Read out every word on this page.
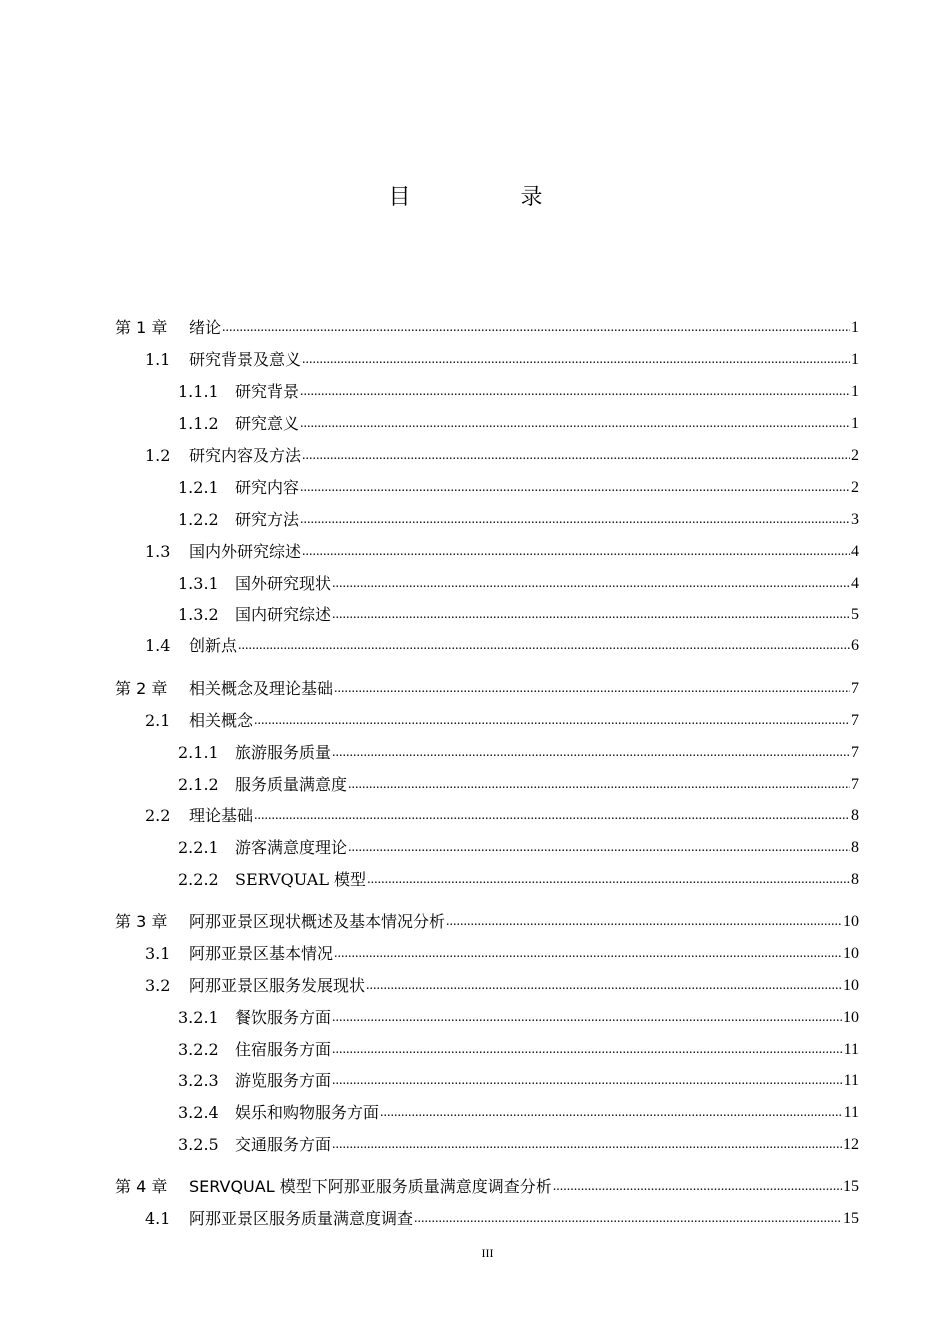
目　录
第 1 章	绪论 .....	1
1.1	研究背景及意义 .....	1
1.1.1	研究背景 .....	1
1.1.2	研究意义 .....	1
1.2	研究内容及方法 .....	2
1.2.1	研究内容 .....	2
1.2.2	研究方法 .....	3
1.3	国内外研究综述 .....	4
1.3.1	国外研究现状 .....	4
1.3.2	国内研究综述 .....	5
1.4	创新点 .....	6
第 2 章	相关概念及理论基础 .....	7
2.1	相关概念 .....	7
2.1.1	旅游服务质量 .....	7
2.1.2	服务质量满意度 .....	7
2.2	理论基础 .....	8
2.2.1	游客满意度理论 .....	8
2.2.2	SERVQUAL 模型 .....	8
第 3 章	阿那亚景区现状概述及基本情况分析 .....	10
3.1	阿那亚景区基本情况 .....	10
3.2	阿那亚景区服务发展现状 .....	10
3.2.1	餐饮服务方面 .....	10
3.2.2	住宿服务方面 .....	11
3.2.3	游览服务方面 .....	11
3.2.4	娱乐和购物服务方面 .....	11
3.2.5	交通服务方面 .....	12
第 4 章	SERVQUAL 模型下阿那亚服务质量满意度调查分析 .....	15
4.1	阿那亚景区服务质量满意度调查 .....	15
III
